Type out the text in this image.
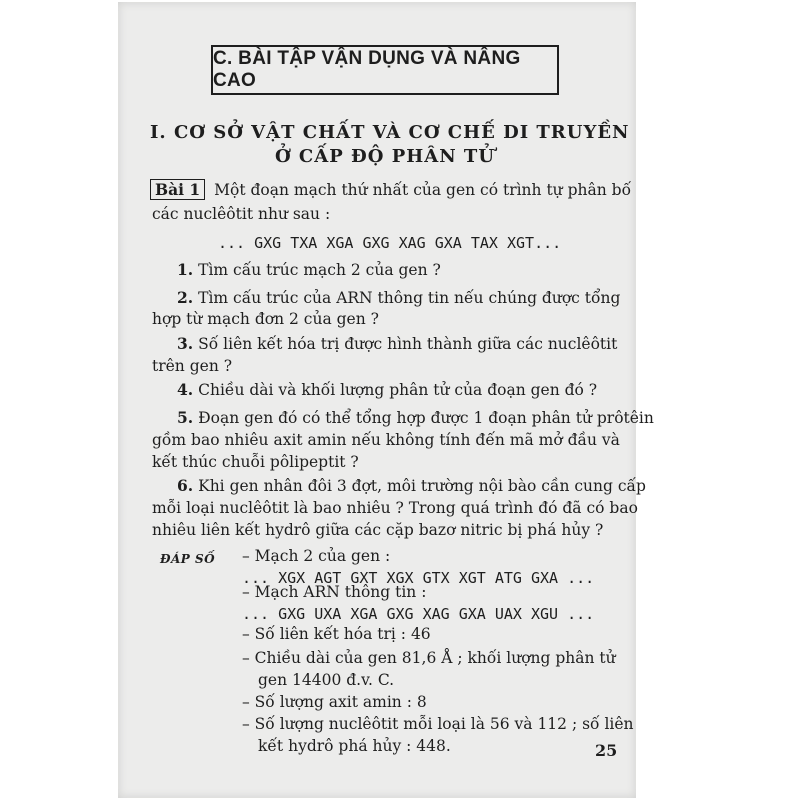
C. BÀI TẬP VẬN DỤNG VÀ NÂNG CAO
I. CƠ SỞ VẬT CHẤT VÀ CƠ CHẾ DI TRUYỀN
Ở CẤP ĐỘ PHÂN TỬ
Bài 1 Một đoạn mạch thứ nhất của gen có trình tự phân bố
các nuclêôtit như sau :
... GXG TXA XGA GXG XAG GXA TAX XGT...
1. Tìm cấu trúc mạch 2 của gen ?
2. Tìm cấu trúc của ARN thông tin nếu chúng được tổng
hợp từ mạch đơn 2 của gen ?
3. Số liên kết hóa trị được hình thành giữa các nuclêôtit
trên gen ?
4. Chiều dài và khối lượng phân tử của đoạn gen đó ?
5. Đoạn gen đó có thể tổng hợp được 1 đoạn phân tử prôtêin
gồm bao nhiêu axit amin nếu không tính đến mã mở đầu và
kết thúc chuỗi pôlipeptit ?
6. Khi gen nhân đôi 3 đợt, môi trường nội bào cần cung cấp
mỗi loại nuclêôtit là bao nhiêu ? Trong quá trình đó đã có bao
nhiêu liên kết hydrô giữa các cặp bazơ nitric bị phá hủy ?
ĐÁP SỐ – Mạch 2 của gen :
... XGX AGT GXT XGX GTX XGT ATG GXA ...
– Mạch ARN thông tin :
... GXG UXA XGA GXG XAG GXA UAX XGU ...
– Số liên kết hóa trị : 46
– Chiều dài của gen 81,6 Å ; khối lượng phân tử
gen 14400 đ.v. C.
– Số lượng axit amin : 8
– Số lượng nuclêôtit mỗi loại là 56 và 112 ; số liên
kết hydrô phá hủy : 448.	25
